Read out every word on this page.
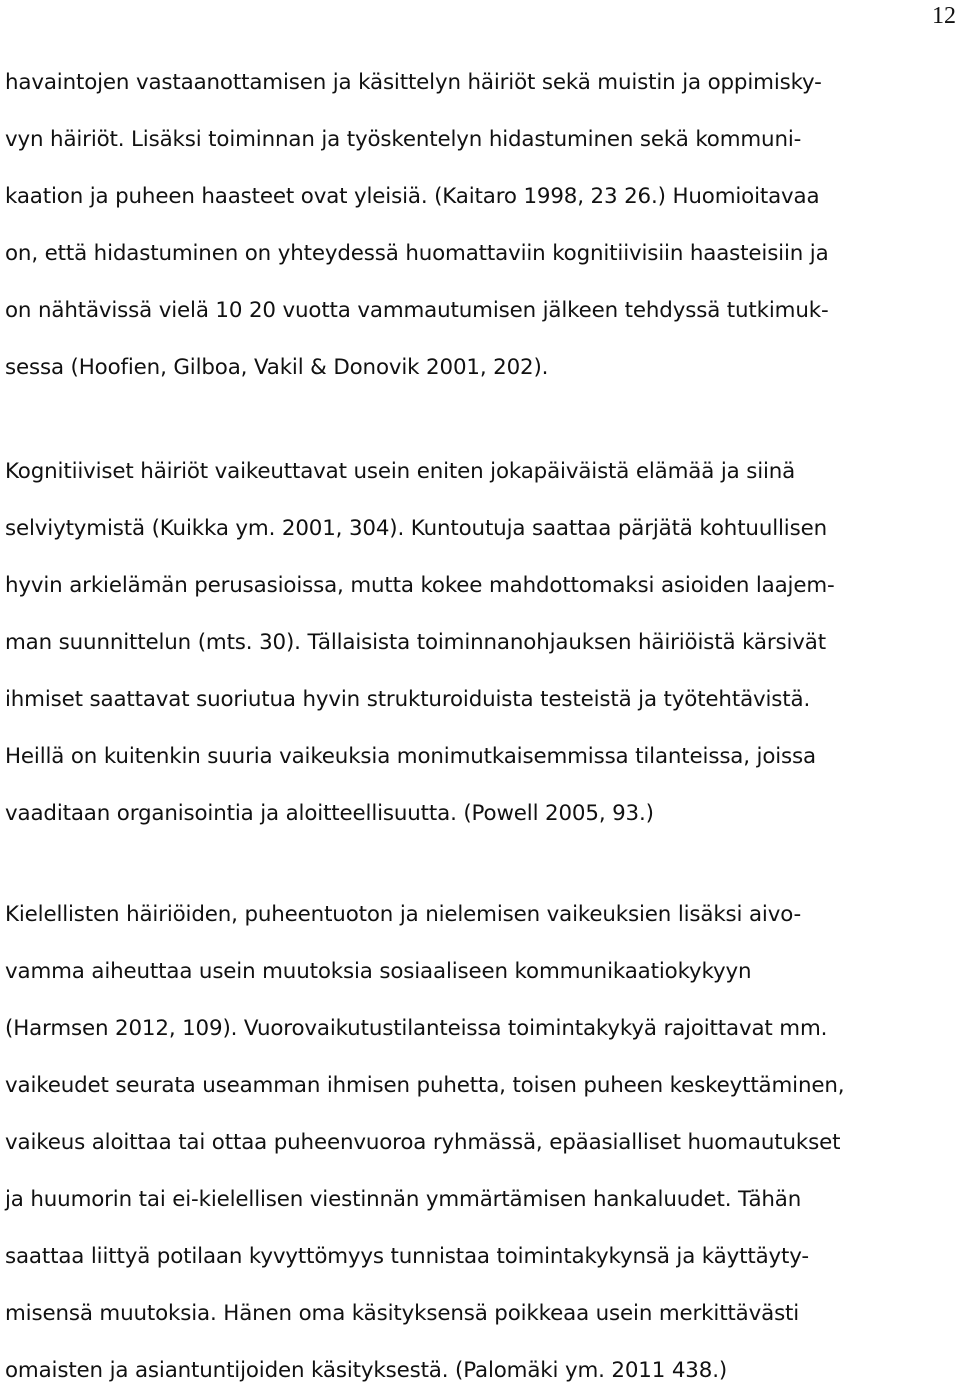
12
havaintojen vastaanottamisen ja käsittelyn häiriöt sekä muistin ja oppimisky-
vyn häiriöt. Lisäksi toiminnan ja työskentelyn hidastuminen sekä kommuni-
kaation ja puheen haasteet ovat yleisiä. (Kaitaro 1998, 23 26.) Huomioitavaa
on, että hidastuminen on yhteydessä huomattaviin kognitiivisiin haasteisiin ja
on nähtävissä vielä 10 20 vuotta vammautumisen jälkeen tehdyssä tutkimuk-
sessa (Hoofien, Gilboa, Vakil & Donovik 2001, 202).
Kognitiiviset häiriöt vaikeuttavat usein eniten jokapäiväistä elämää ja siinä
selviytymistä (Kuikka ym. 2001, 304). Kuntoutuja saattaa pärjätä kohtuullisen
hyvin arkielämän perusasioissa, mutta kokee mahdottomaksi asioiden laajem-
man suunnittelun (mts. 30). Tällaisista toiminnanohjauksen häiriöistä kärsivät
ihmiset saattavat suoriutua hyvin strukturoiduista testeistä ja työtehtävistä.
Heillä on kuitenkin suuria vaikeuksia monimutkaisemmissa tilanteissa, joissa
vaaditaan organisointia ja aloitteellisuutta. (Powell 2005, 93.)
Kielellisten häiriöiden, puheentuoton ja nielemisen vaikeuksien lisäksi aivo-
vamma aiheuttaa usein muutoksia sosiaaliseen kommunikaatiokykyyn
(Harmsen 2012, 109). Vuorovaikutustilanteissa toimintakykyä rajoittavat mm.
vaikeudet seurata useamman ihmisen puhetta, toisen puheen keskeyttäminen,
vaikeus aloittaa tai ottaa puheenvuoroa ryhmässä, epäasialliset huomautukset
ja huumorin tai ei-kielellisen viestinnän ymmärtämisen hankaluudet. Tähän
saattaa liittyä potilaan kyvyttömyys tunnistaa toimintakykynsä ja käyttäyty-
misensä muutoksia. Hänen oma käsityksensä poikkeaa usein merkittävästi
omaisten ja asiantuntijoiden käsityksestä. (Palomäki ym. 2011 438.)
